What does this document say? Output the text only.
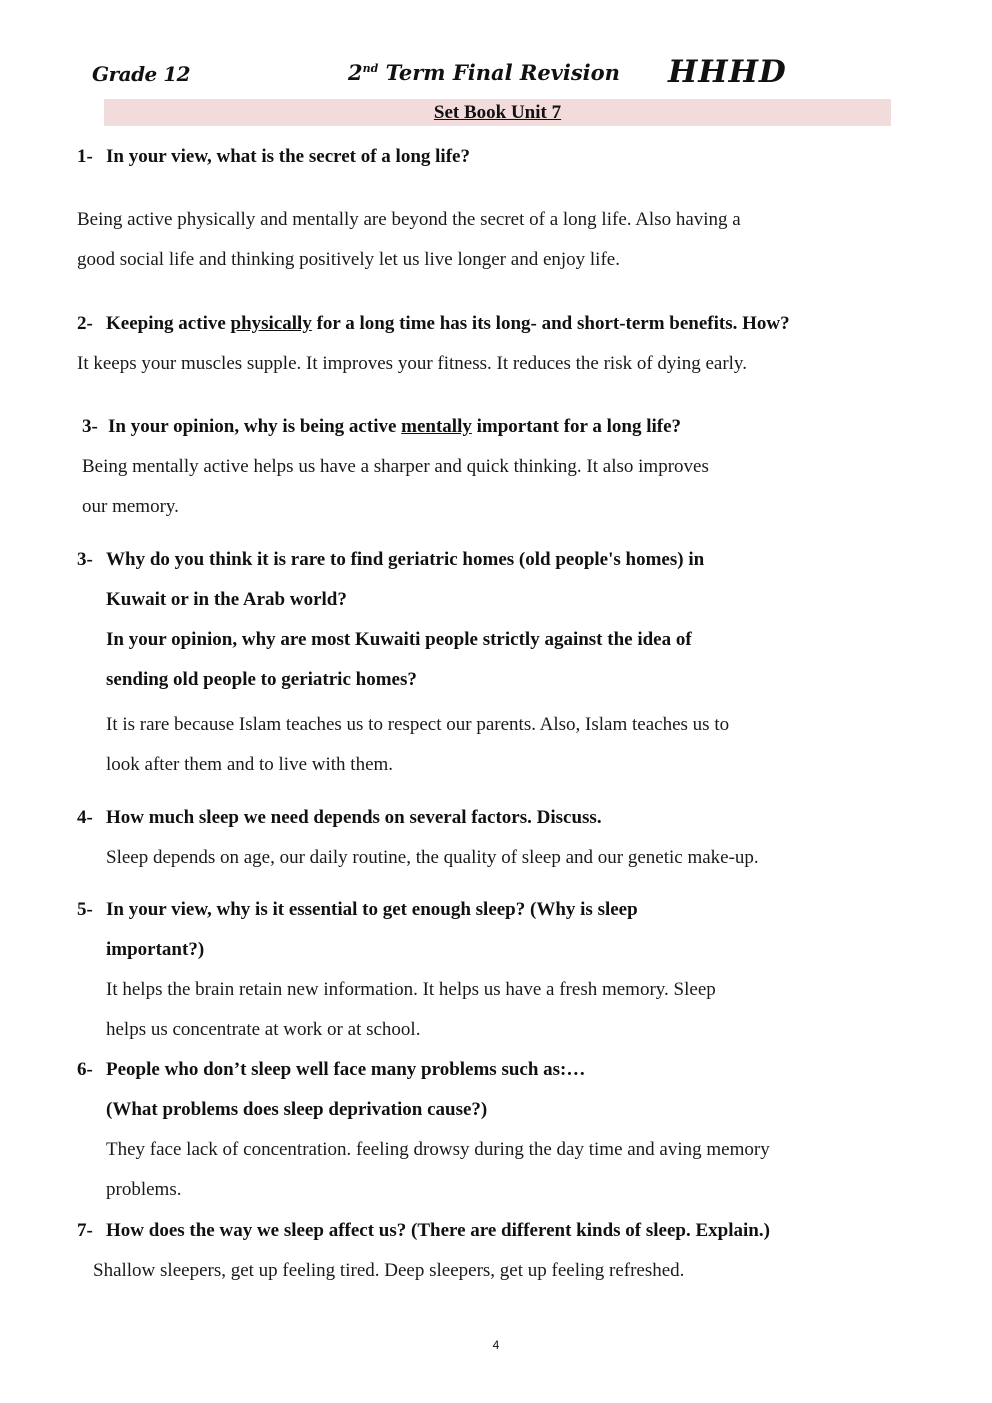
Grade 12	2nd Term Final Revision HHHD
Set Book Unit 7
1- In your view, what is the secret of a long life?
Being active physically and mentally are beyond the secret of a long life. Also having a
good social life and thinking positively let us live longer and enjoy life.
2- Keeping active physically for a long time has its long- and short-term benefits. How?
It keeps your muscles supple. It improves your fitness. It reduces the risk of dying early.
3- In your opinion, why is being active mentally important for a long life?
Being mentally active helps us have a sharper and quick thinking. It also improves
our memory.
3- Why do you think it is rare to find geriatric homes (old people's homes) in
Kuwait or in the Arab world?
In your opinion, why are most Kuwaiti people strictly against the idea of
sending old people to geriatric homes?
It is rare because Islam teaches us to respect our parents. Also, Islam teaches us to
look after them and to live with them.
4- How much sleep we need depends on several factors. Discuss.
Sleep depends on age, our daily routine, the quality of sleep and our genetic make-up.
5- In your view, why is it essential to get enough sleep? (Why is sleep
important?)
It helps the brain retain new information. It helps us have a fresh memory. Sleep
helps us concentrate at work or at school.
6- People who don’t sleep well face many problems such as:…
(What problems does sleep deprivation cause?)
They face lack of concentration. feeling drowsy during the day time and aving memory
problems.
7- How does the way we sleep affect us? (There are different kinds of sleep. Explain.)
Shallow sleepers, get up feeling tired. Deep sleepers, get up feeling refreshed.
4
